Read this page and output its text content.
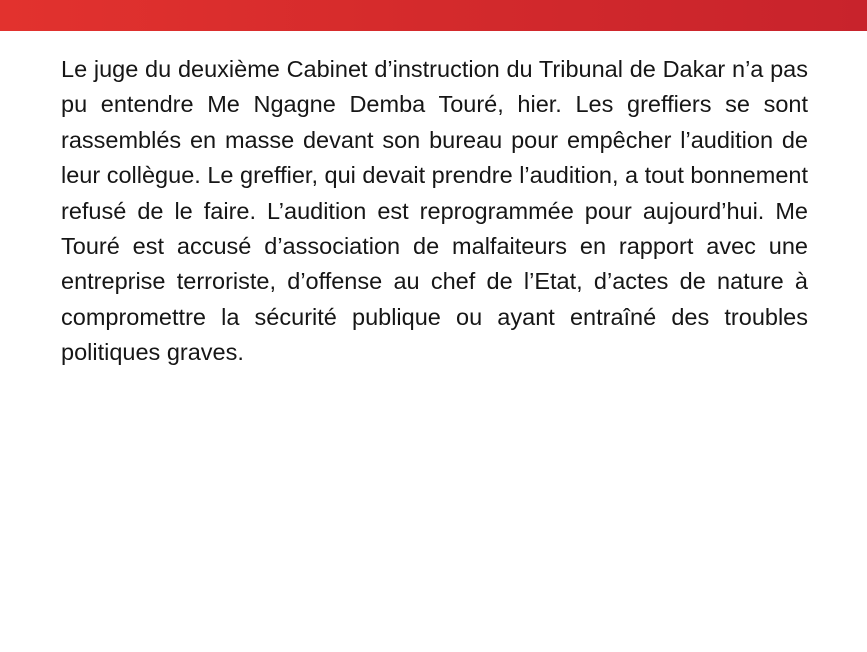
Le juge du deuxième Cabinet d’instruction du Tribunal de Dakar n’a pas pu entendre Me Ngagne Demba Touré, hier. Les greffiers se sont rassemblés en masse devant son bureau pour empêcher l’audition de leur collègue. Le greffier, qui devait prendre l’audition, a tout bonnement refusé de le faire. L’audition est reprogrammée pour aujourd’hui. Me Touré est accusé d’association de malfaiteurs en rapport avec une entreprise terroriste, d’offense au chef de l’Etat, d’actes de nature à compromettre la sécurité publique ou ayant entraîné des troubles politiques graves.
